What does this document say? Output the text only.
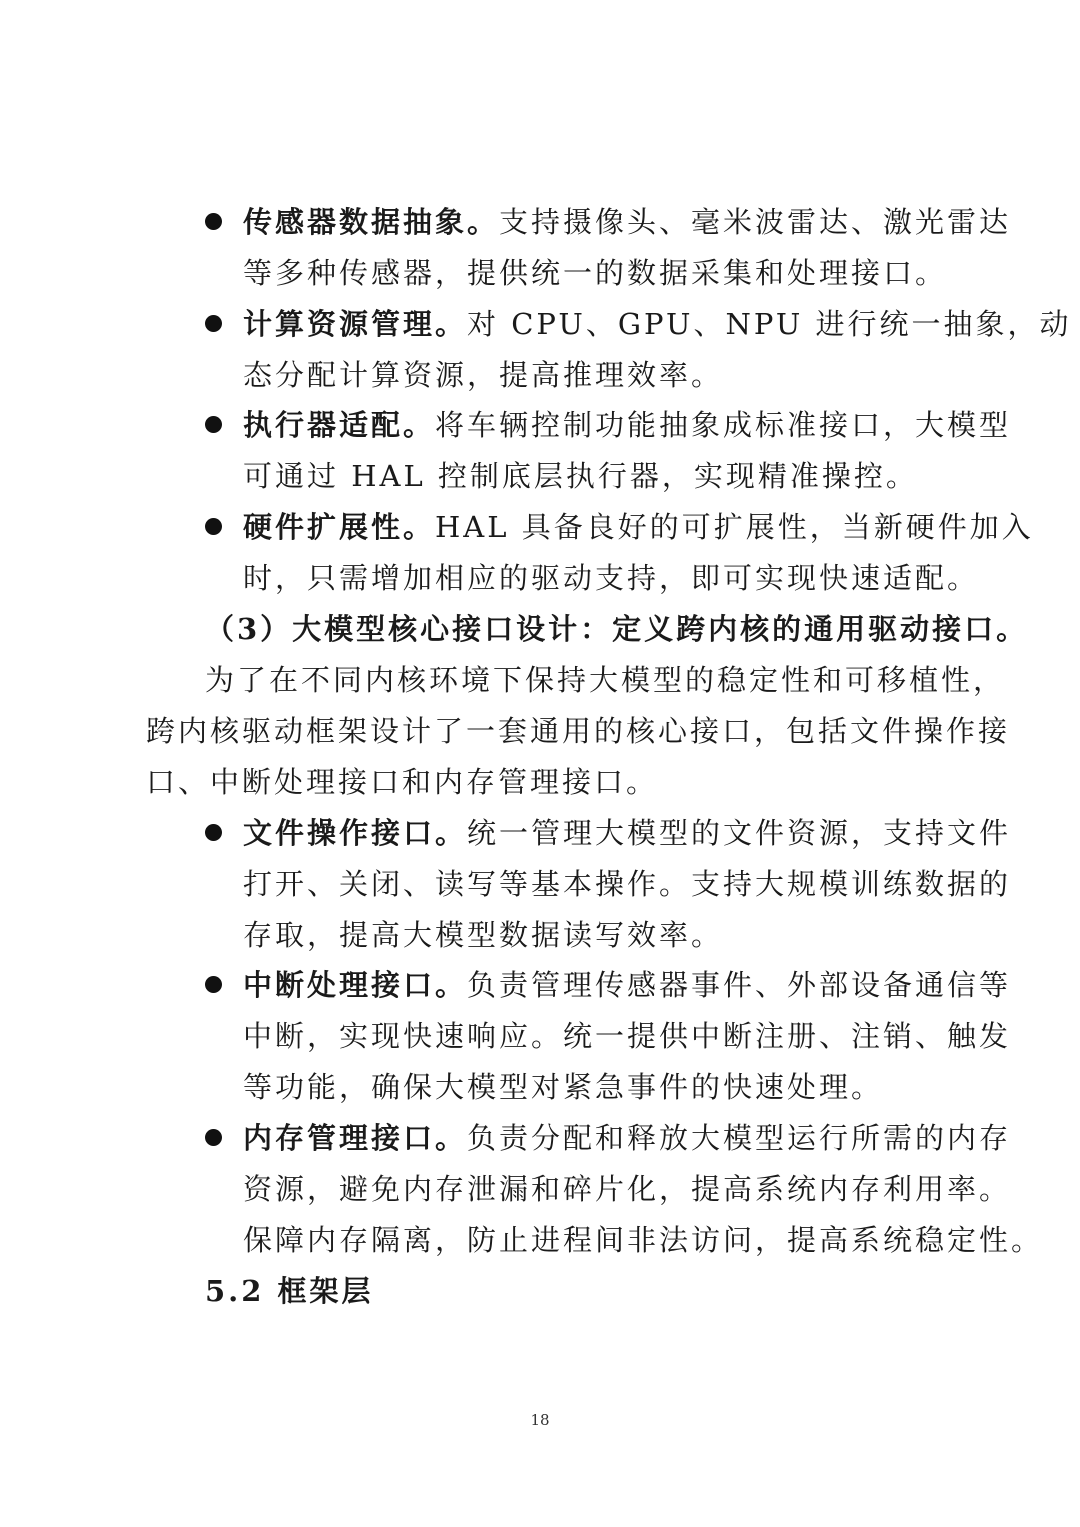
传感器数据抽象。支持摄像头、毫米波雷达、激光雷达
等多种传感器，提供统一的数据采集和处理接口。
计算资源管理。对 CPU、GPU、NPU 进行统一抽象，动
态分配计算资源，提高推理效率。
执行器适配。将车辆控制功能抽象成标准接口，大模型
可通过 HAL 控制底层执行器，实现精准操控。
硬件扩展性。HAL 具备良好的可扩展性，当新硬件加入
时，只需增加相应的驱动支持，即可实现快速适配。
（3）大模型核心接口设计：定义跨内核的通用驱动接口。
为了在不同内核环境下保持大模型的稳定性和可移植性，
跨内核驱动框架设计了一套通用的核心接口，包括文件操作接
口、中断处理接口和内存管理接口。
文件操作接口。统一管理大模型的文件资源，支持文件
打开、关闭、读写等基本操作。支持大规模训练数据的
存取，提高大模型数据读写效率。
中断处理接口。负责管理传感器事件、外部设备通信等
中断，实现快速响应。统一提供中断注册、注销、触发
等功能，确保大模型对紧急事件的快速处理。
内存管理接口。负责分配和释放大模型运行所需的内存
资源，避免内存泄漏和碎片化，提高系统内存利用率。
保障内存隔离，防止进程间非法访问，提高系统稳定性。
5.2 框架层
18
